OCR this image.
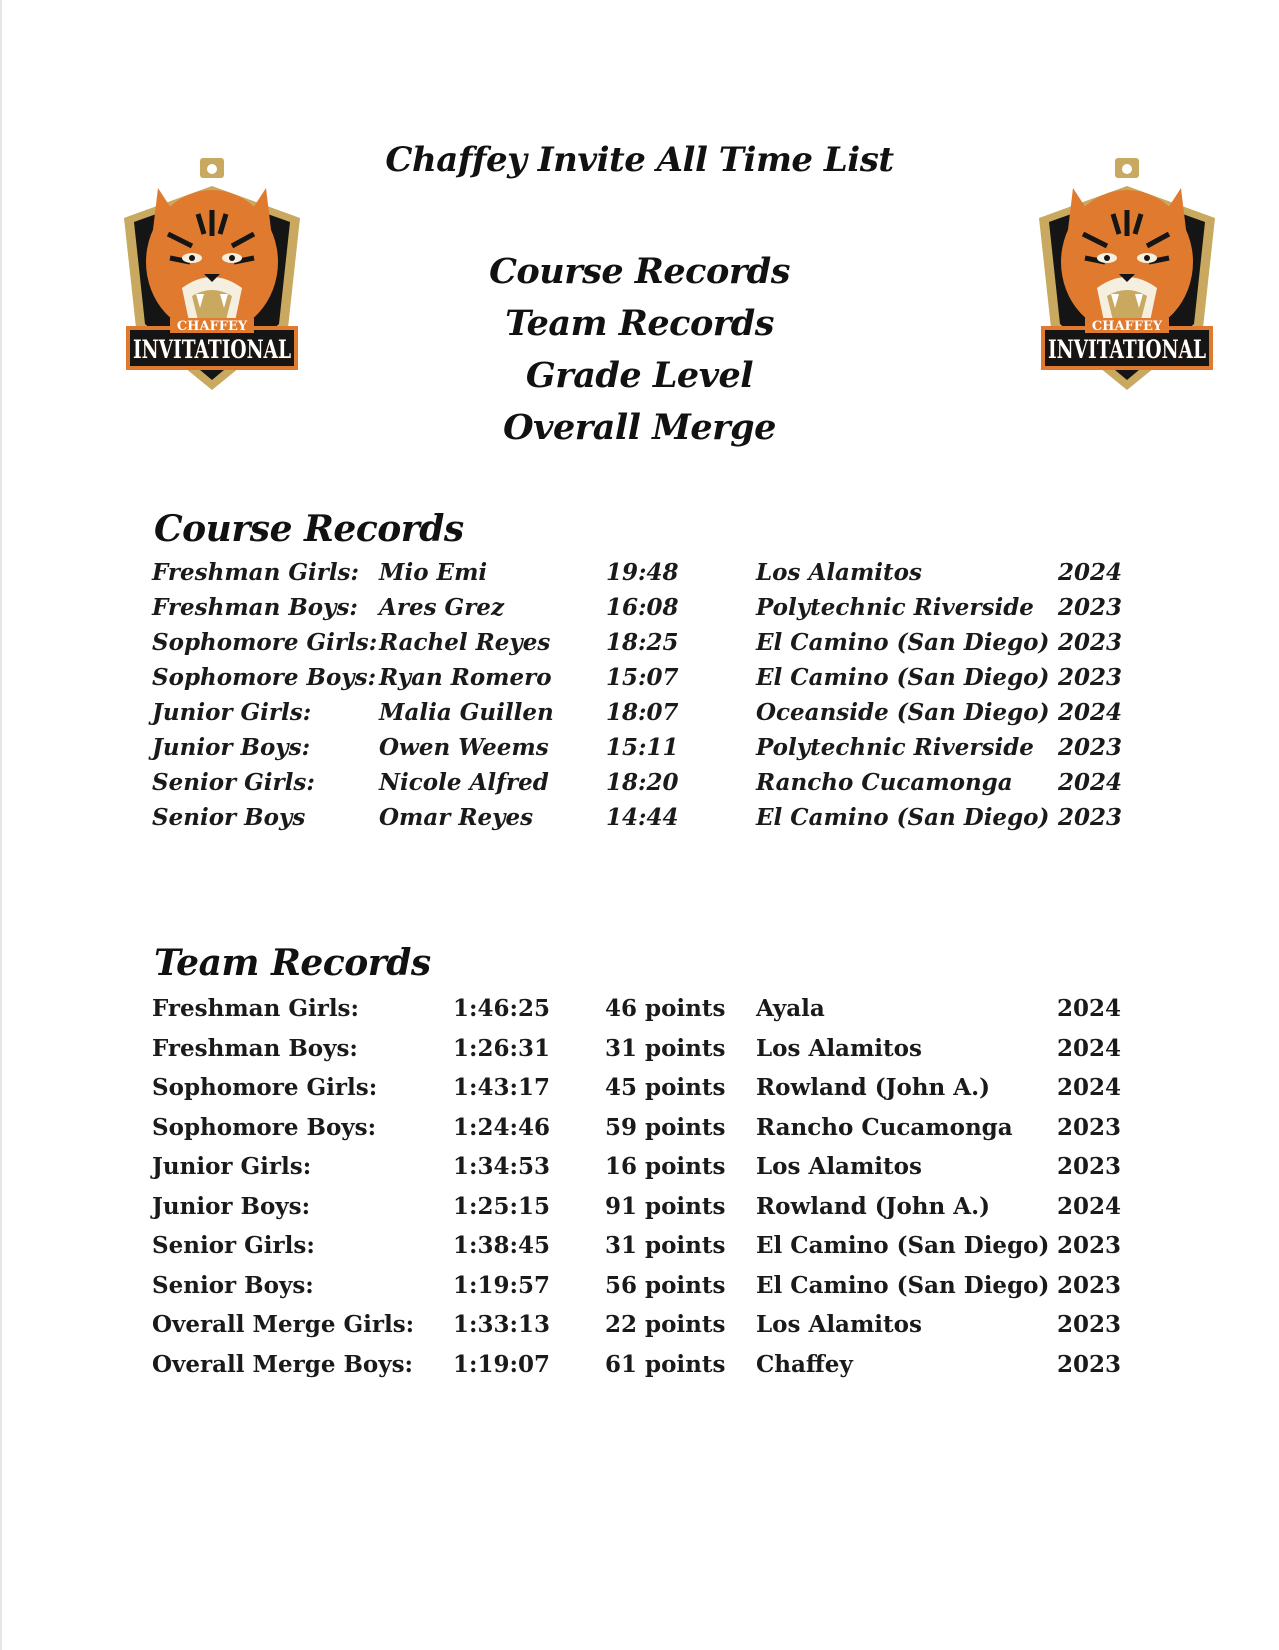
CHAFFEY
INVITATIONAL
CHAFFEY
INVITATIONAL
Chaffey Invite All Time List
Course Records
Team Records
Grade Level
Overall Merge
Course Records
Freshman Girls: Mio Emi	19:48	Los Alamitos	2024
Freshman Boys: Ares Grez	16:08	Polytechnic Riverside 2023
Sophomore Girls: Rachel Reyes 18:25	El Camino (San Diego) 2023
Sophomore Boys: Ryan Romero 15:07	El Camino (San Diego) 2023
Junior Girls:	Malia Guillen 18:07	Oceanside (San Diego) 2024
Junior Boys:	Owen Weems 15:11	Polytechnic Riverside 2023
Senior Girls:	Nicole Alfred 18:20	Rancho Cucamonga 2024
Senior Boys	Omar Reyes	14:44	El Camino (San Diego) 2023
Team Records
Freshman Girls:	1:46:25 46 points Ayala	2024
Freshman Boys:	1:26:31 31 points Los Alamitos	2024
Sophomore Girls:	1:43:17 45 points Rowland (John A.)	2024
Sophomore Boys:	1:24:46 59 points Rancho Cucamonga 2023
Junior Girls:	1:34:53 16 points Los Alamitos	2023
Junior Boys:	1:25:15 91 points Rowland (John A.)	2024
Senior Girls:	1:38:45 31 points El Camino (San Diego) 2023
Senior Boys:	1:19:57 56 points El Camino (San Diego) 2023
Overall Merge Girls: 1:33:13 22 points Los Alamitos	2023
Overall Merge Boys: 1:19:07 61 points Chaffey	2023
